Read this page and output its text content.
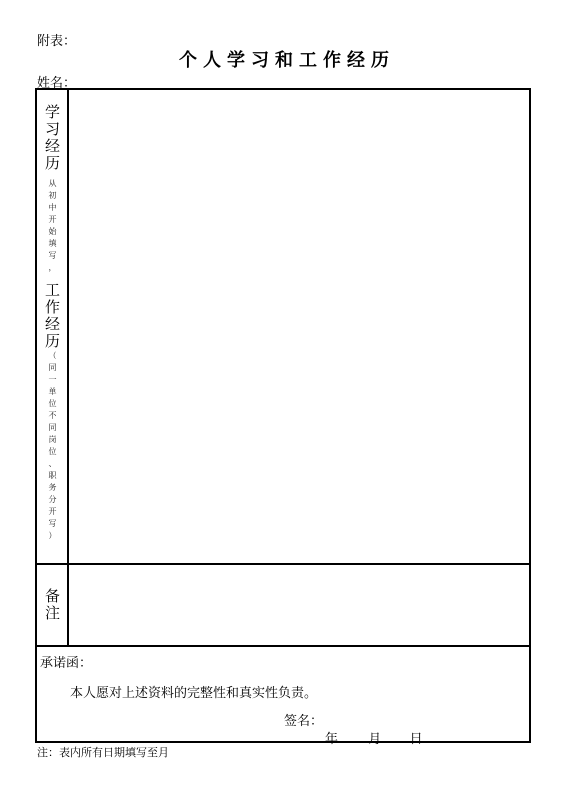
附表：
个人学习和工作经历
姓名：
学
习
经
历
从
初
中
开
始
填
写
，
工
作
经
历
（
同
一
单
位
不
同
岗
位
、
职
务
分
开
写
）
备
注
承诺函：
本人愿对上述资料的完整性和真实性负责。
签名：
年 月 日
注：表内所有日期填写至月
